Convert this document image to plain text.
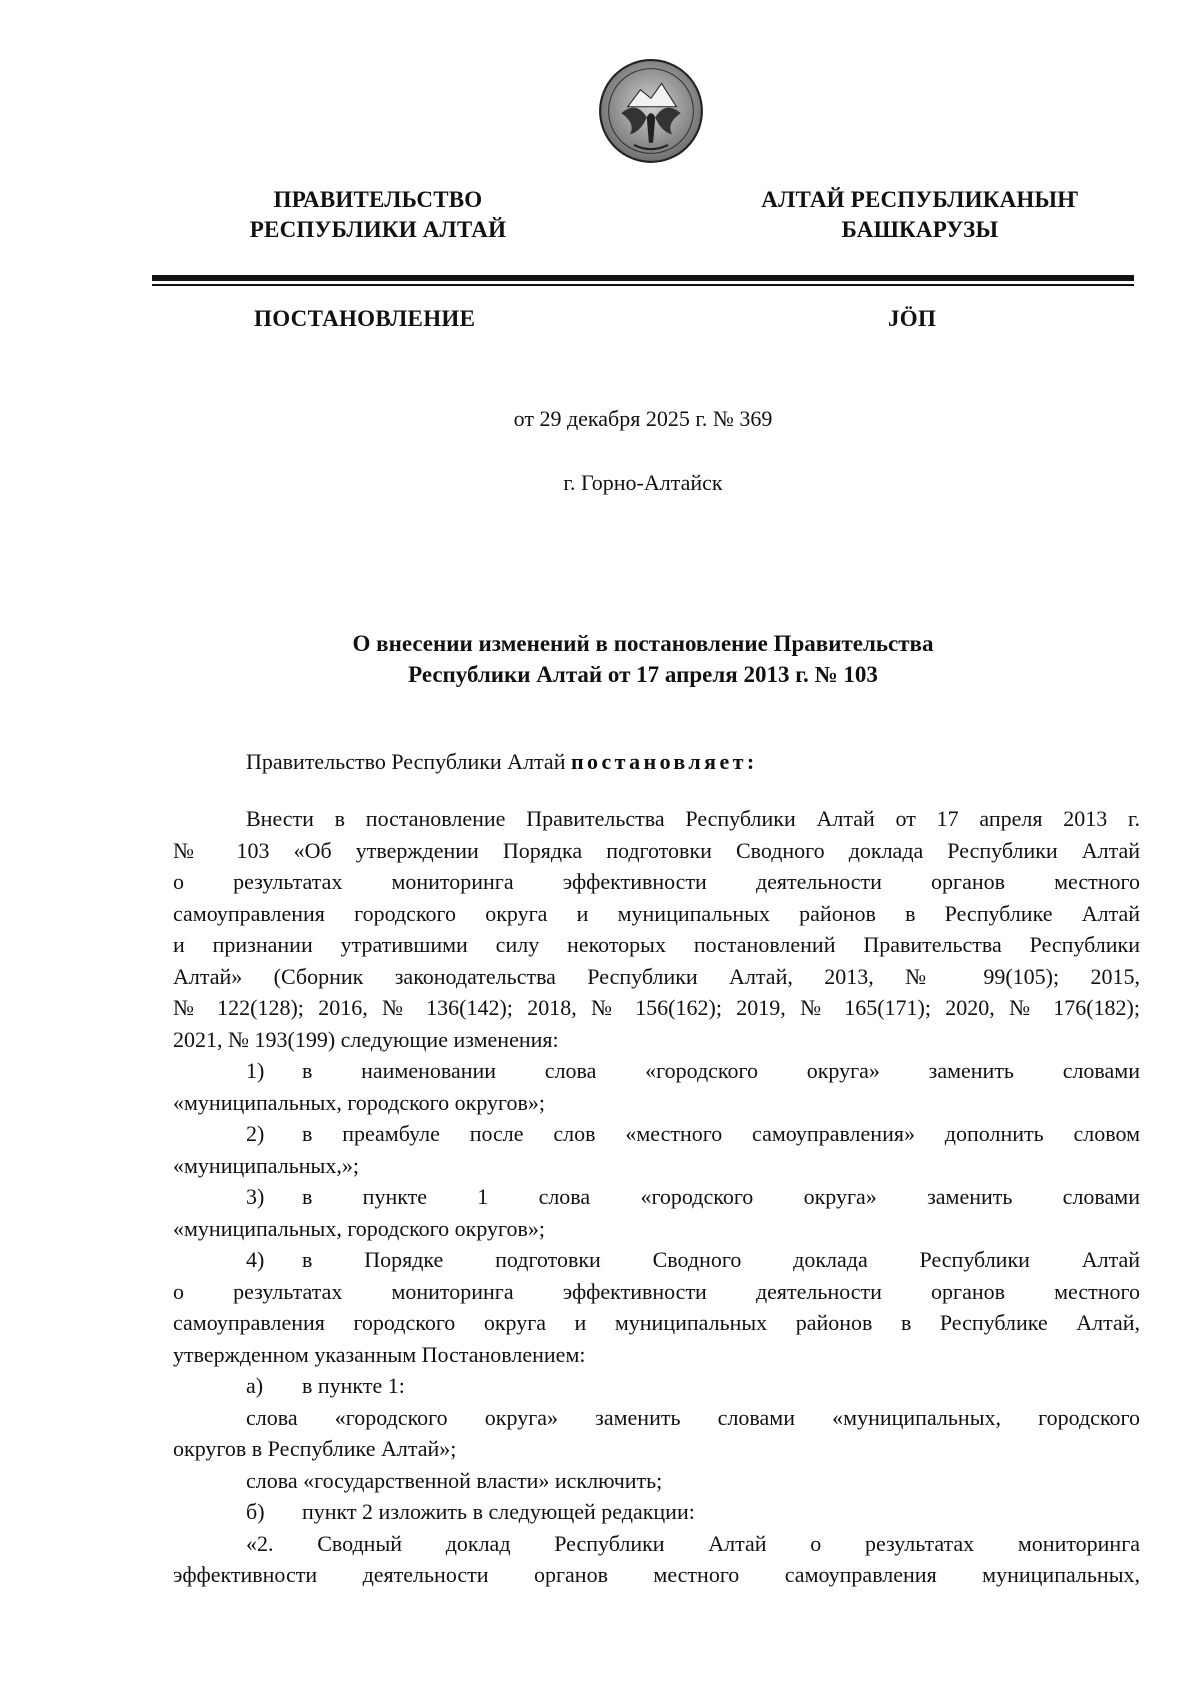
ПРАВИТЕЛЬСТВО
РЕСПУБЛИКИ АЛТАЙ
АЛТАЙ РЕСПУБЛИКАНЫҤ
БАШКАРУЗЫ
ПОСТАНОВЛЕНИЕ	JӦП
от 29 декабря 2025 г. № 369
г. Горно-Алтайск
О внесении изменений в постановление Правительства
Республики Алтай от 17 апреля 2013 г. № 103
Правительство Республики Алтай постановляет:

Внести в постановление Правительства Республики Алтай от 17 апреля 2013 г.

№ 103 «Об утверждении Порядка подготовки Сводного доклада Республики Алтай

о результатах мониторинга эффективности деятельности органов местного

самоуправления городского округа и муниципальных районов в Республике Алтай

и признании утратившими силу некоторых постановлений Правительства Республики

Алтай» (Сборник законодательства Республики Алтай, 2013, № 99(105); 2015,

№ 122(128); 2016, № 136(142); 2018, № 156(162); 2019, № 165(171); 2020, № 176(182);

2021, № 193(199) следующие изменения:

1) в наименовании слова «городского округа» заменить словами

«муниципальных, городского округов»;

2) в преамбуле после слов «местного самоуправления» дополнить словом

«муниципальных,»;

3) в пункте 1 слова «городского округа» заменить словами

«муниципальных, городского округов»;

4) в Порядке подготовки Сводного доклада Республики Алтай

о результатах мониторинга эффективности деятельности органов местного

самоуправления городского округа и муниципальных районов в Республике Алтай,

утвержденном указанным Постановлением:

а) в пункте 1:

слова «городского округа» заменить словами «муниципальных, городского

округов в Республике Алтай»;

слова «государственной власти» исключить;

б) пункт 2 изложить в следующей редакции:

«2. Сводный доклад Республики Алтай о результатах мониторинга

эффективности деятельности органов местного самоуправления муниципальных,
